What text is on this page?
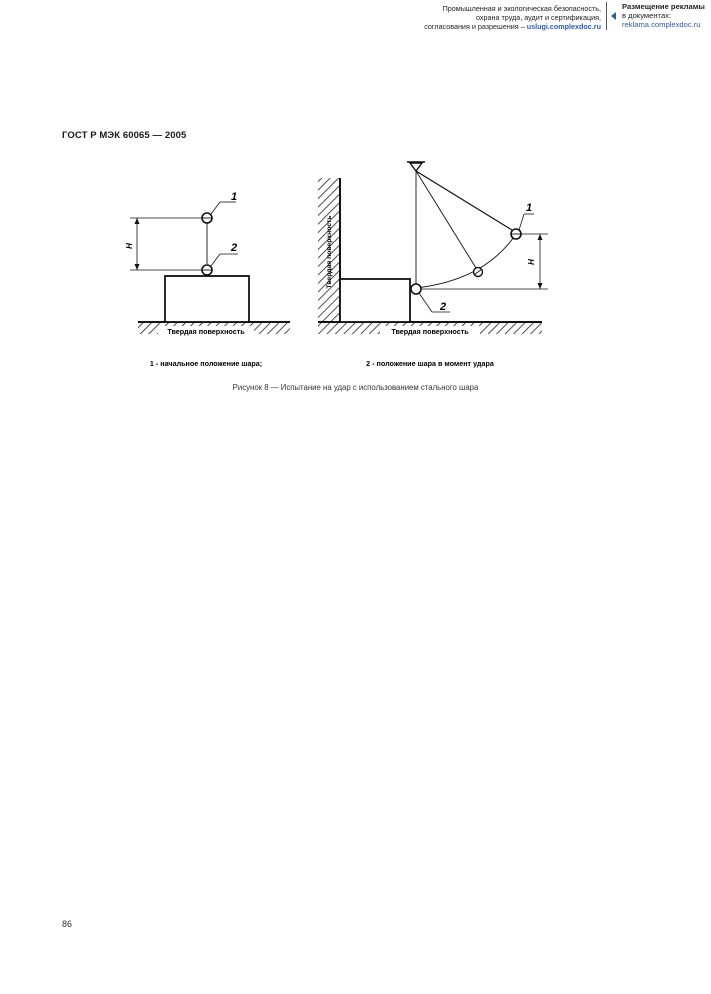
Промышленная и экологическая безопасность,
охрана труда, аудит и сертификация,
согласования и разрешения – uslugi.complexdoc.ru
Размещение рекламы
в документах:
reklama.complexdoc.ru
ГОСТ Р МЭК 60065 — 2005
H
1
2
Твердая поверхность
1 - начальное положение шара;
Твердая поверхность	H
1
2
Твердая поверхность
2 - положение шара в момент удара
Рисунок 8 — Испытание на удар с использованием стального шара
86
